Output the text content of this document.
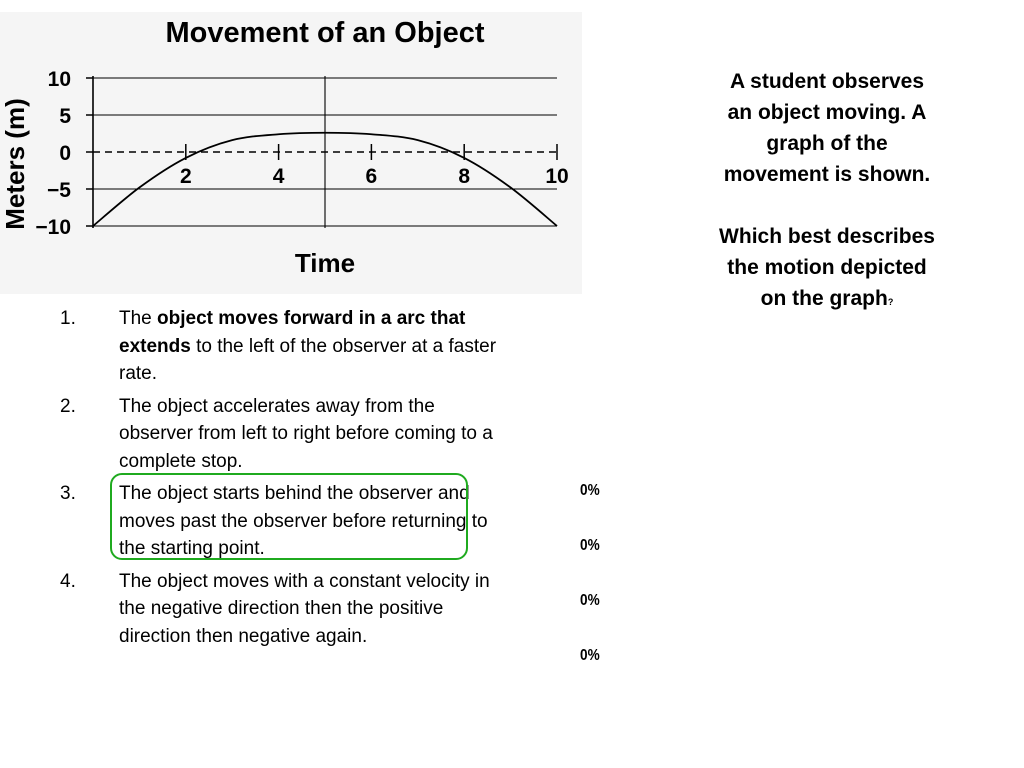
Movement of an Object
10
5
0
−5
−10
2	4	6	8	10
Time
Meters (m)

A student observes an object moving. A graph of the movement is shown.

Which best describes the motion depicted on the graph?

1. The object moves forward in a arc that extends to the left of the observer at a faster rate.
2. The object accelerates away from the observer from left to right before coming to a complete stop.
3. The object starts behind the observer and moves past the observer before returning to the starting point.
4. The object moves with a constant velocity in the negative direction then the positive direction then negative again.
0%
0%
0%
0%
